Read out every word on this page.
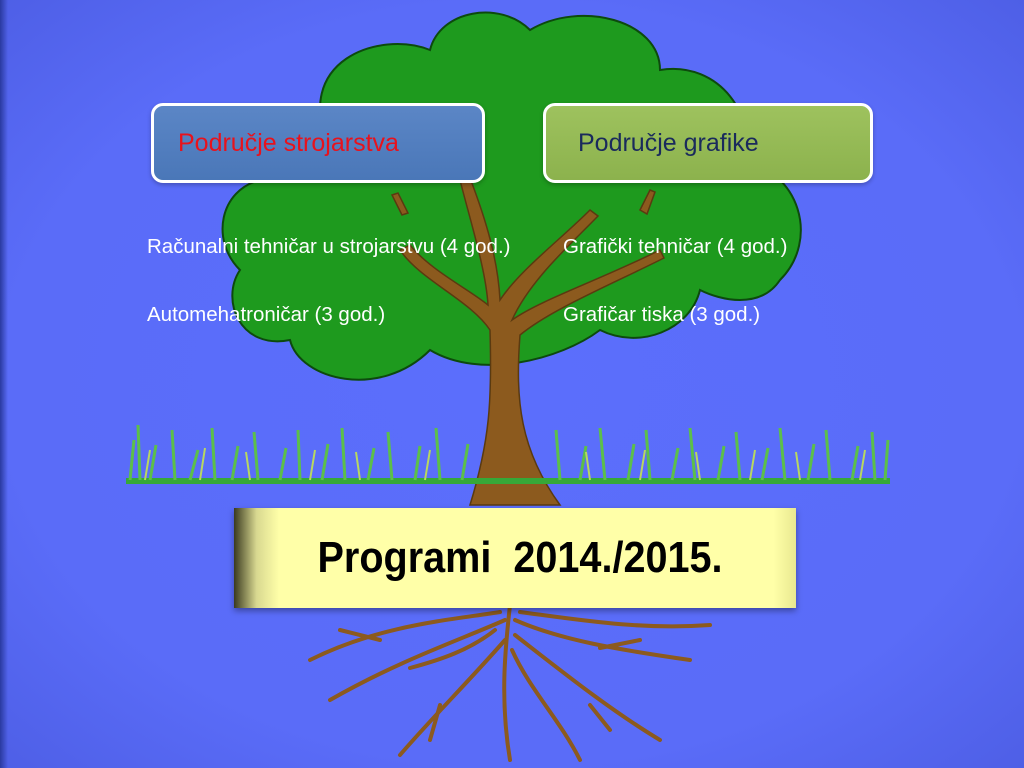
Područje strojarstva	Područje grafike
Računalni tehničar u strojarstvu (4 god.)
Automehatroničar (3 god.)
Grafički tehničar (4 god.)
Grafičar tiska (3 god.)
Programi  2014./2015.
